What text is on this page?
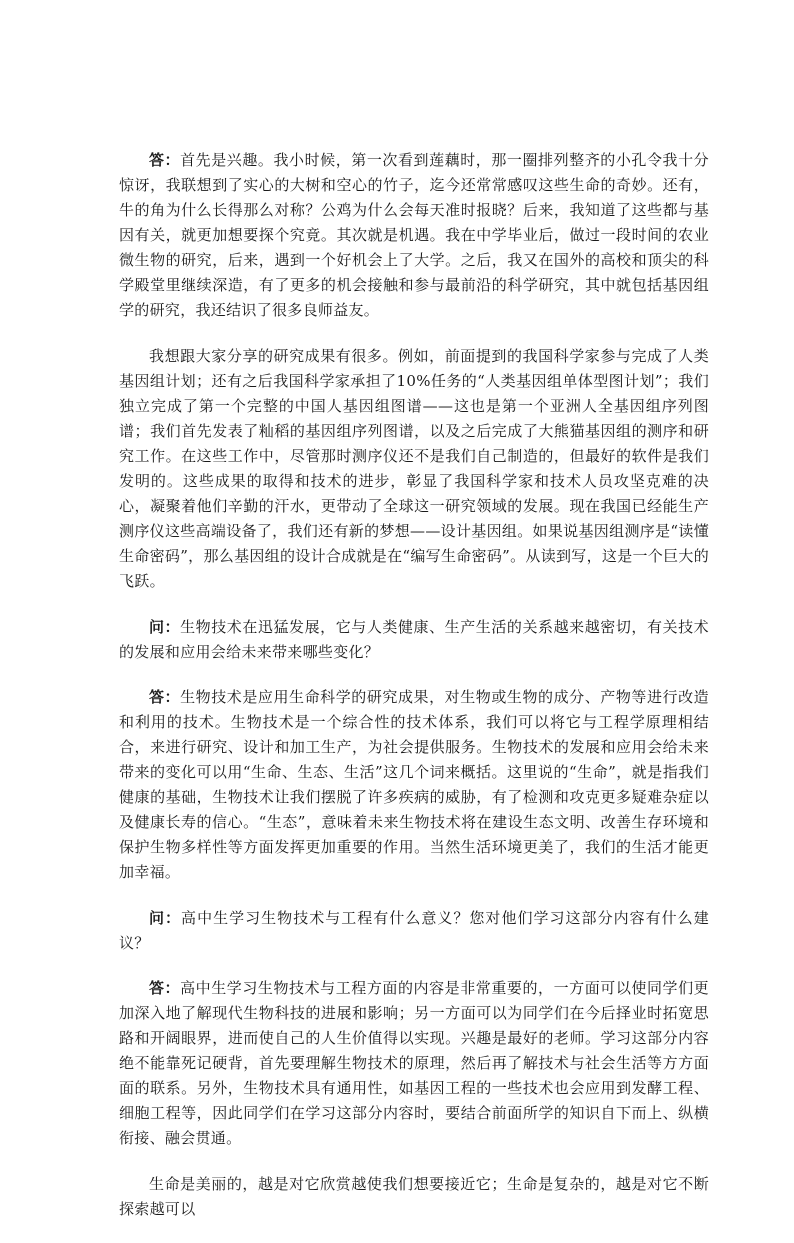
答：首先是兴趣。我小时候，第一次看到莲藕时，那一圈排列整齐的小孔令我十分惊讶，我联想到了实心的大树和空心的竹子，迄今还常常感叹这些生命的奇妙。还有，牛的角为什么长得那么对称？公鸡为什么会每天准时报晓？后来，我知道了这些都与基因有关，就更加想要探个究竟。其次就是机遇。我在中学毕业后，做过一段时间的农业微生物的研究，后来，遇到一个好机会上了大学。之后，我又在国外的高校和顶尖的科学殿堂里继续深造，有了更多的机会接触和参与最前沿的科学研究，其中就包括基因组学的研究，我还结识了很多良师益友。

我想跟大家分享的研究成果有很多。例如，前面提到的我国科学家参与完成了人类基因组计划；还有之后我国科学家承担了10%任务的“人类基因组单体型图计划”；我们独立完成了第一个完整的中国人基因组图谱——这也是第一个亚洲人全基因组序列图谱；我们首先发表了籼稻的基因组序列图谱，以及之后完成了大熊猫基因组的测序和研究工作。在这些工作中，尽管那时测序仪还不是我们自己制造的，但最好的软件是我们发明的。这些成果的取得和技术的进步，彰显了我国科学家和技术人员攻坚克难的决心，凝聚着他们辛勤的汗水，更带动了全球这一研究领域的发展。现在我国已经能生产测序仪这些高端设备了，我们还有新的梦想——设计基因组。如果说基因组测序是“读懂生命密码”，那么基因组的设计合成就是在“编写生命密码”。从读到写，这是一个巨大的飞跃。

问：生物技术在迅猛发展，它与人类健康、生产生活的关系越来越密切，有关技术的发展和应用会给未来带来哪些变化？

答：生物技术是应用生命科学的研究成果，对生物或生物的成分、产物等进行改造和利用的技术。生物技术是一个综合性的技术体系，我们可以将它与工程学原理相结合，来进行研究、设计和加工生产，为社会提供服务。生物技术的发展和应用会给未来带来的变化可以用“生命、生态、生活”这几个词来概括。这里说的“生命”，就是指我们健康的基础，生物技术让我们摆脱了许多疾病的威胁，有了检测和攻克更多疑难杂症以及健康长寿的信心。“生态”，意味着未来生物技术将在建设生态文明、改善生存环境和保护生物多样性等方面发挥更加重要的作用。当然生活环境更美了，我们的生活才能更加幸福。

问：高中生学习生物技术与工程有什么意义？您对他们学习这部分内容有什么建议？

答：高中生学习生物技术与工程方面的内容是非常重要的，一方面可以使同学们更加深入地了解现代生物科技的进展和影响；另一方面可以为同学们在今后择业时拓宽思路和开阔眼界，进而使自己的人生价值得以实现。兴趣是最好的老师。学习这部分内容绝不能靠死记硬背，首先要理解生物技术的原理，然后再了解技术与社会生活等方方面面的联系。另外，生物技术具有通用性，如基因工程的一些技术也会应用到发酵工程、细胞工程等，因此同学们在学习这部分内容时，要结合前面所学的知识自下而上、纵横衔接、融会贯通。

生命是美丽的，越是对它欣赏越使我们想要接近它；生命是复杂的，越是对它不断探索越可以
